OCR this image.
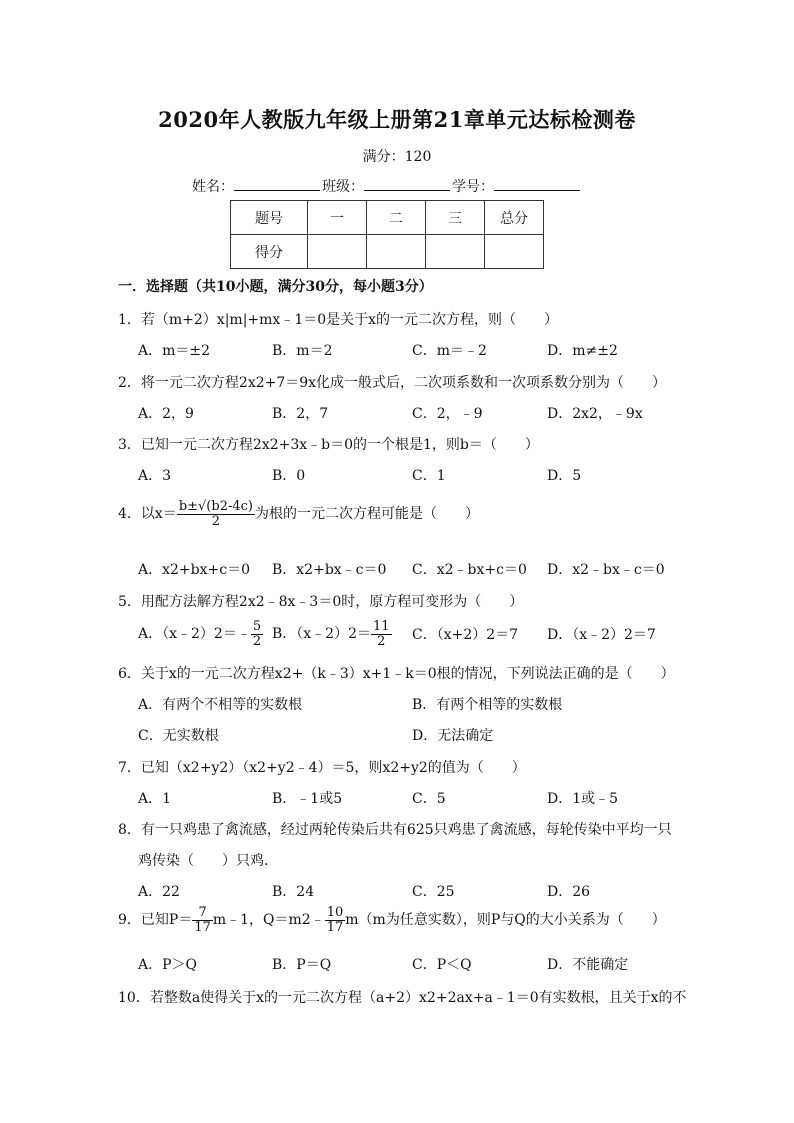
2020年人教版九年级上册第21章单元达标检测卷
满分：120
姓名：	班级：	学号：
题号	一	二	三	总分
得分				
一．选择题（共10小题，满分30分，每小题3分）
1．若（m+2）x|m|+mx﹣1＝0是关于x的一元二次方程，则（　　）
A．m＝±2	B．m＝2	C．m＝﹣2	D．m≠±2
2．将一元二次方程2x2+7＝9x化成一般式后，二次项系数和一次项系数分别为（　　）
A．2，9	B．2，7	C．2，﹣9	D．2x2，﹣9x
3．已知一元二次方程2x2+3x﹣b＝0的一个根是1，则b＝（　　）
A．3	B．0	C．1	D．5
4．以$x= \frac{b\pm√(b2-4c)}{2}$ 为根的一元二次方程可能是（　　）
A．x2+bx+c＝0 B．x2+bx﹣c＝0 C．x2﹣bx+c＝0 D．x2﹣bx﹣c＝0
5．用配方法解方程2x2﹣8x﹣3＝0时，原方程可变形为（　　）
A．（x﹣2）2＝﹣ $\frac{5}{2}$ B．（x﹣2）2＝ $\frac{11}{2}$ C．（x+2）2＝7 D．（x﹣2）2＝7
6．关于x的一元二次方程x2+（k﹣3）x+1﹣k＝0根的情况，下列说法正确的是（　　）
A．有两个不相等的实数根	B．有两个相等的实数根
C．无实数根	D．无法确定
7．已知（x2+y2）（x2+y2﹣4）＝5，则x2+y2的值为（　　）
A．1	B．﹣1或5	C．5	D．1或﹣5
8．有一只鸡患了禽流感，经过两轮传染后共有625只鸡患了禽流感，每轮传染中平均一只
鸡传染（　　）只鸡．
A．22	B．24	C．25	D．26
9．已知$P= \frac{7}{17}$ m﹣1，Q＝m2﹣ $\frac{10}{17} m(m$为任意实数），则P与Q的大小关系为（　　）
A．P＞Q	B．P＝Q	C．P＜Q	D．不能确定
10．若整数a使得关于x的一元二次方程（a+2）x2+2ax+a﹣1＝0有实数根，且关于x的不
